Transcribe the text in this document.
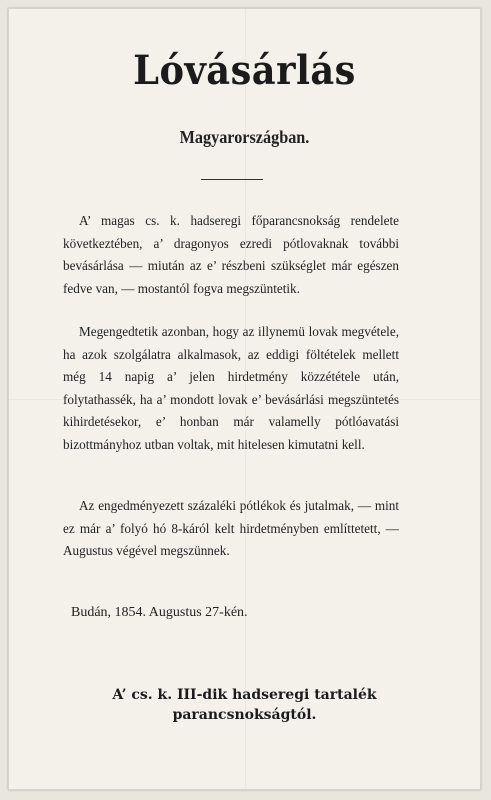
Lóvásárlás
Magyarországban.
A’ magas cs. k. hadseregi főparancsnokság rendelete következtében, a’ dragonyos ezredi pótlovaknak további bevásárlása — miután az e’ részbeni szükséglet már egészen fedve van, — mostantól fogva megszüntetik.
Megengedtetik azonban, hogy az illynemü lovak megvétele, ha azok szolgálatra alkalmasok, az eddigi föltételek mellett még 14 napig a’ jelen hirdetmény közzététele után, folytathassék, ha a’ mondott lovak e’ bevásárlási megszüntetés kihirdetésekor, e’ honban már valamelly pótlóavatási bizottmányhoz utban voltak, mit hitelesen kimutatni kell.
Az engedményezett százaléki pótlékok és jutalmak, — mint ez már a’ folyó hó 8-káról kelt hirdetményben említtetett, — Augustus végével megszünnek.
Budán, 1854. Augustus 27-kén.
A’ cs. k. III-dik hadseregi tartalék
parancsnokságtól.
